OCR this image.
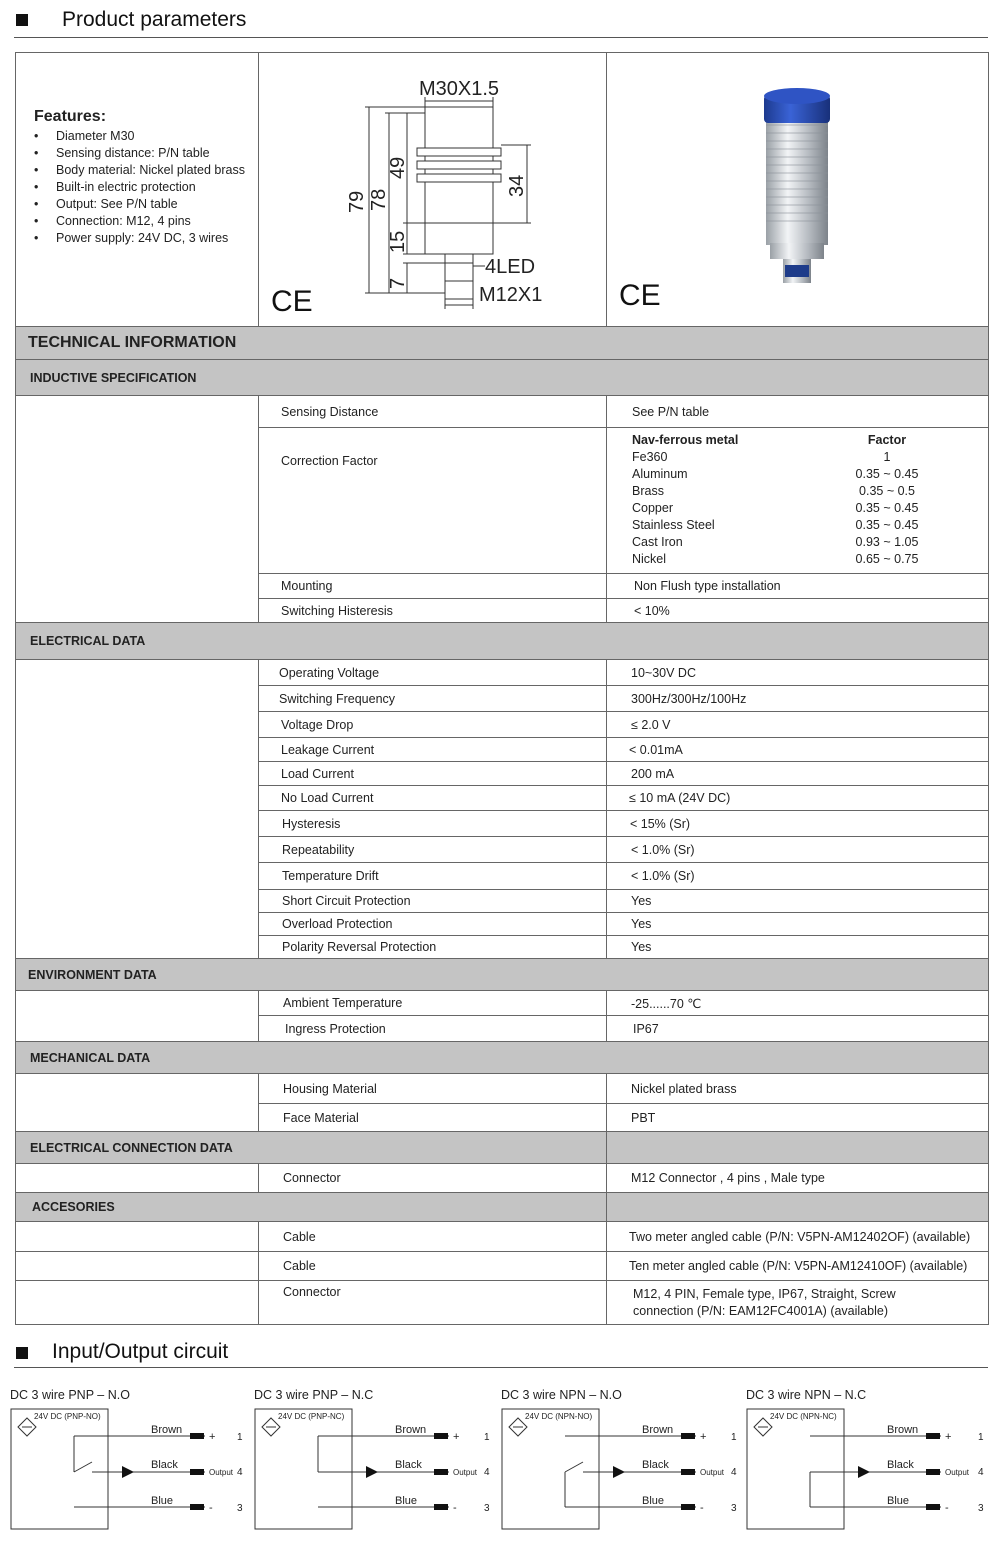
Product parameters
Features:
• Diameter M30
• Sensing distance: P/N table
• Body material: Nickel plated brass
• Built-in electric protection
• Output: See P/N table
• Connection: M12, 4 pins
• Power supply: 24V DC, 3 wires

M30X1.5
79 78
49
34
15
7
4LED
M12X1
CE	CE

TECHNICAL INFORMATION
INDUCTIVE SPECIFICATION
	Sensing Distance	See P/N table
Correction Factor	
Nav-ferrous metal	Factor
Fe360	1
Aluminum	0.35 ~ 0.45
Brass	0.35 ~ 0.5
Copper	0.35 ~ 0.45
Stainless Steel	0.35 ~ 0.45
Cast Iron	0.93 ~ 1.05
Nickel	0.65 ~ 0.75

Mounting	Non Flush type installation
Switching Histeresis	< 10%
ELECTRICAL DATA
	Operating Voltage	10~30V DC
Switching Frequency	300Hz/300Hz/100Hz
Voltage Drop	≤ 2.0 V
Leakage Current	< 0.01mA
Load Current	200 mA
No Load Current	≤ 10 mA (24V DC)
Hysteresis	< 15% (Sr)
Repeatability	< 1.0% (Sr)
Temperature Drift	< 1.0% (Sr)
Short Circuit Protection	Yes
Overload Protection	Yes
Polarity Reversal Protection	Yes
ENVIRONMENT DATA
	Ambient Temperature	-25......70 ℃
Ingress Protection	IP67
MECHANICAL DATA
	Housing Material	Nickel plated brass
Face Material	PBT
ELECTRICAL CONNECTION DATA	
	Connector	M12 Connector , 4 pins , Male type
ACCESORIES	
	Cable	Two meter angled cable (P/N: V5PN-AM12402OF) (available)
	Cable	Ten meter angled cable (P/N: V5PN-AM12410OF) (available)
	Connector	M12, 4 PIN, Female type, IP67, Straight, Screw connection (P/N: EAM12FC4001A) (available)
Input/Output circuit
DC 3 wire PNP – N.O
24V DC (PNP-NO)
Brown
Black
Blue
+
Output
-
1
4
3
DC 3 wire PNP – N.C
24V DC (PNP-NC)
Brown
Black
Blue
+
Output
-
1
4
3
DC 3 wire NPN – N.O
24V DC (NPN-NO)
Brown
Black
Blue
+
Output
-
1
4
3
DC 3 wire NPN – N.C
24V DC (NPN-NC)
Brown
Black
Blue
+
Output
-
1
4
3
